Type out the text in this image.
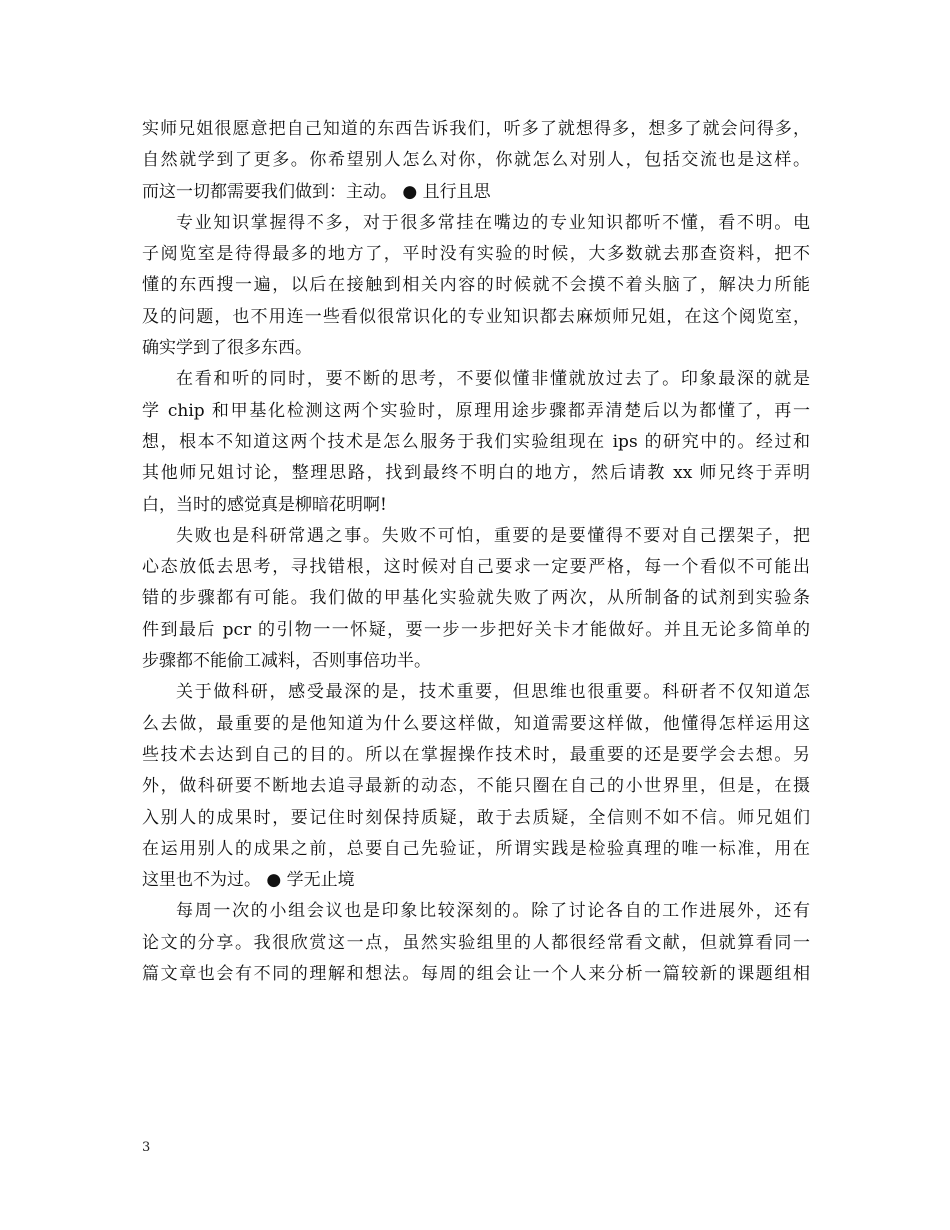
实师兄姐很愿意把自己知道的东西告诉我们，听多了就想得多，想多了就会问得多，
自然就学到了更多。你希望别人怎么对你，你就怎么对别人，包括交流也是这样。
而这一切都需要我们做到：主动。 ● 且行且思
专业知识掌握得不多，对于很多常挂在嘴边的专业知识都听不懂，看不明。电
子阅览室是待得最多的地方了，平时没有实验的时候，大多数就去那查资料，把不
懂的东西搜一遍，以后在接触到相关内容的时候就不会摸不着头脑了，解决力所能
及的问题，也不用连一些看似很常识化的专业知识都去麻烦师兄姐，在这个阅览室，
确实学到了很多东西。
在看和听的同时，要不断的思考，不要似懂非懂就放过去了。印象最深的就是
学 chip 和甲基化检测这两个实验时，原理用途步骤都弄清楚后以为都懂了，再一
想，根本不知道这两个技术是怎么服务于我们实验组现在 ips 的研究中的。经过和
其他师兄姐讨论，整理思路，找到最终不明白的地方，然后请教 xx 师兄终于弄明
白，当时的感觉真是柳暗花明啊!
失败也是科研常遇之事。失败不可怕，重要的是要懂得不要对自己摆架子，把
心态放低去思考，寻找错根，这时候对自己要求一定要严格，每一个看似不可能出
错的步骤都有可能。我们做的甲基化实验就失败了两次，从所制备的试剂到实验条
件到最后 pcr 的引物一一怀疑，要一步一步把好关卡才能做好。并且无论多简单的
步骤都不能偷工减料，否则事倍功半。
关于做科研，感受最深的是，技术重要，但思维也很重要。科研者不仅知道怎
么去做，最重要的是他知道为什么要这样做，知道需要这样做，他懂得怎样运用这
些技术去达到自己的目的。所以在掌握操作技术时，最重要的还是要学会去想。另
外，做科研要不断地去追寻最新的动态，不能只圈在自己的小世界里，但是，在摄
入别人的成果时，要记住时刻保持质疑，敢于去质疑，全信则不如不信。师兄姐们
在运用别人的成果之前，总要自己先验证，所谓实践是检验真理的唯一标准，用在
这里也不为过。 ● 学无止境
每周一次的小组会议也是印象比较深刻的。除了讨论各自的工作进展外，还有
论文的分享。我很欣赏这一点，虽然实验组里的人都很经常看文献，但就算看同一
篇文章也会有不同的理解和想法。每周的组会让一个人来分析一篇较新的课题组相
3
